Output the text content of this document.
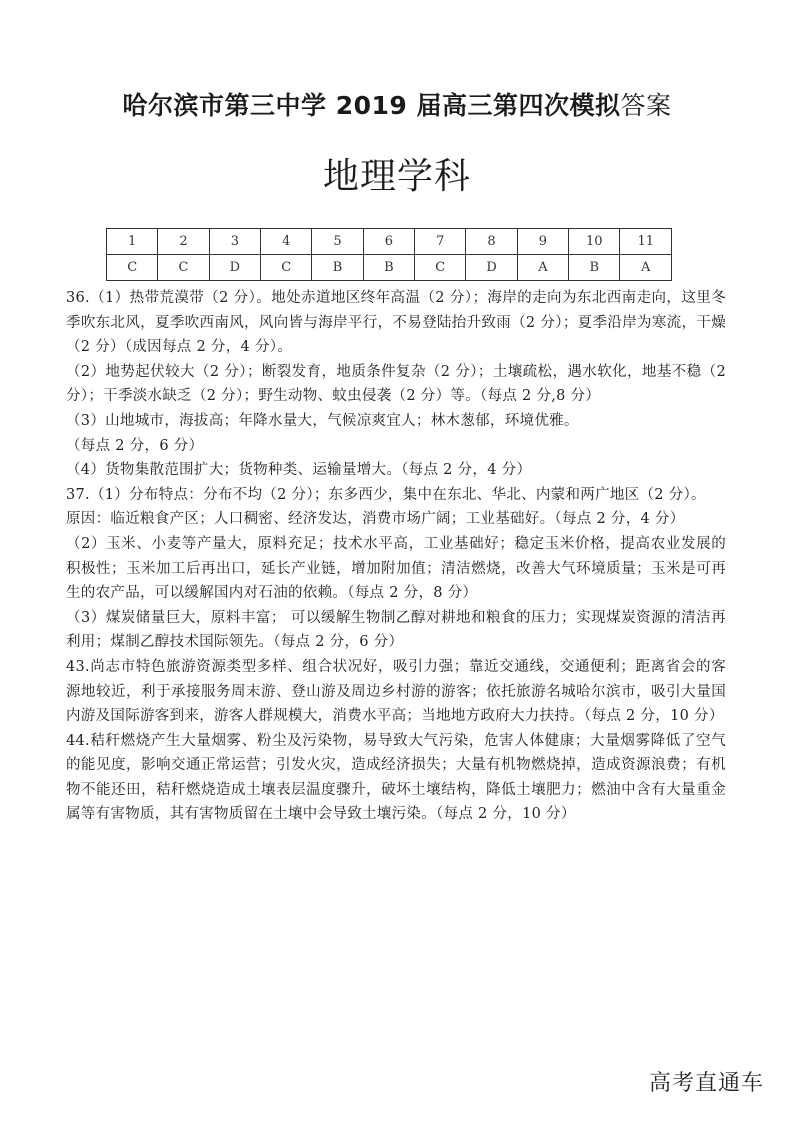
哈尔滨市第三中学 2019 届高三第四次模拟答案
地理学科
1	2	3	4	5	6	7	8	9	10	11
C	C	D	C	B	B	C	D	A	B	A

36.（1）热带荒漠带（2 分）。地处赤道地区终年高温（2 分）；海岸的走向为东北西南走向，这里冬季吹东北风，夏季吹西南风，风向皆与海岸平行，不易登陆抬升致雨（2 分）；夏季沿岸为寒流，干燥（2 分）（成因每点 2 分，4 分）。

（2）地势起伏较大（2 分）；断裂发育，地质条件复杂（2 分）；土壤疏松，遇水软化，地基不稳（2 分）；干季淡水缺乏（2 分）；野生动物、蚊虫侵袭（2 分）等。（每点 2 分,8 分）

（3）山地城市，海拔高；年降水量大，气候凉爽宜人；林木葱郁，环境优雅。

（每点 2 分，6 分）

（4）货物集散范围扩大；货物种类、运输量增大。（每点 2 分，4 分）

37.（1）分布特点：分布不均（2 分）；东多西少，集中在东北、华北、内蒙和两广地区（2 分）。

原因：临近粮食产区；人口稠密、经济发达，消费市场广阔；工业基础好。（每点 2 分，4 分）

（2）玉米、小麦等产量大，原料充足；技术水平高，工业基础好；稳定玉米价格，提高农业发展的积极性；玉米加工后再出口，延长产业链，增加附加值；清洁燃烧，改善大气环境质量；玉米是可再生的农产品，可以缓解国内对石油的依赖。（每点 2 分，8 分）

（3）煤炭储量巨大，原料丰富； 可以缓解生物制乙醇对耕地和粮食的压力；实现煤炭资源的清洁再利用；煤制乙醇技术国际领先。（每点 2 分，6 分）

43.尚志市特色旅游资源类型多样、组合状况好，吸引力强；靠近交通线，交通便利；距离省会的客源地较近，利于承接服务周末游、登山游及周边乡村游的游客；依托旅游名城哈尔滨市，吸引大量国内游及国际游客到来，游客人群规模大，消费水平高；当地地方政府大力扶持。（每点 2 分，10 分）

44.秸秆燃烧产生大量烟雾、粉尘及污染物，易导致大气污染，危害人体健康；大量烟雾降低了空气的能见度，影响交通正常运营；引发火灾，造成经济损失；大量有机物燃烧掉，造成资源浪费；有机物不能还田，秸秆燃烧造成土壤表层温度骤升，破坏土壤结构，降低土壤肥力；燃油中含有大量重金属等有害物质，其有害物质留在土壤中会导致土壤污染。（每点 2 分，10 分）

高考直通车
